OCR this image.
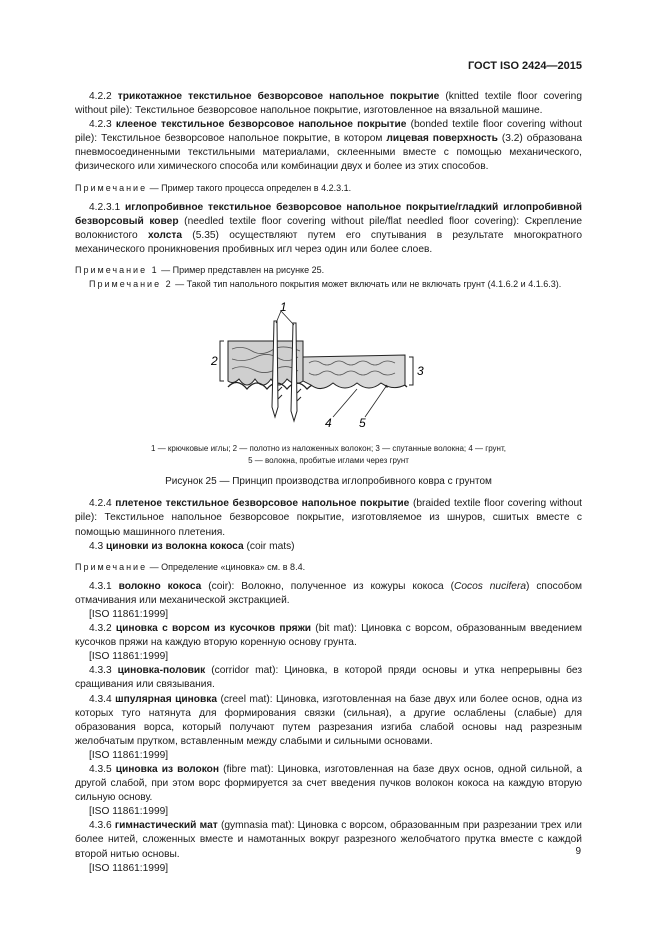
ГОСТ ISO 2424—2015

4.2.2 трикотажное текстильное безворсовое напольное покрытие (knitted textile floor covering without pile): Текстильное безворсовое напольное покрытие, изготовленное на вязальной машине.

4.2.3 клееное текстильное безворсовое напольное покрытие (bonded textile floor covering without pile): Текстильное безворсовое напольное покрытие, в котором лицевая поверхность (3.2) образована пневмосоединенными текстильными материалами, склеенными вместе с помощью механического, физического или химического способа или комбинации двух и более из этих способов.

Примечание — Пример такого процесса определен в 4.2.3.1.

4.2.3.1 иглопробивное текстильное безворсовое напольное покрытие/гладкий иглопробивной безворсовый ковер (needled textile floor covering without pile/flat needled floor covering): Скрепление волокнистого холста (5.35) осуществляют путем его спутывания в результате многократного механического проникновения пробивных игл через один или более слоев.

Примечание 1 — Пример представлен на рисунке 25.

Примечание 2 — Такой тип напольного покрытия может включать или не включать грунт (4.1.6.2 и 4.1.6.3).

1
2
3
4 5
1 — крючковые иглы; 2 — полотно из наложенных волокон; 3 — спутанные волокна; 4 — грунт,
5 — волокна, пробитые иглами через грунт
Рисунок 25 — Принцип производства иглопробивного ковра с грунтом

4.2.4 плетеное текстильное безворсовое напольное покрытие (braided textile floor covering without pile): Текстильное напольное безворсовое покрытие, изготовляемое из шнуров, сшитых вместе с помощью машинного плетения.

4.3 циновки из волокна кокоса (coir mats)

Примечание — Определение «циновка» см. в 8.4.

4.3.1 волокно кокоса (coir): Волокно, полученное из кожуры кокоса (Cocos nucifera) способом отмачивания или механической экстракцией.

[ISO 11861:1999]

4.3.2 циновка с ворсом из кусочков пряжи (bit mat): Циновка с ворсом, образованным введением кусочков пряжи на каждую вторую коренную основу грунта.

[ISO 11861:1999]

4.3.3 циновка-половик (corridor mat): Циновка, в которой пряди основы и утка непрерывны без сращивания или связывания.

4.3.4 шпулярная циновка (creel mat): Циновка, изготовленная на базе двух или более основ, одна из которых туго натянута для формирования связки (сильная), а другие ослаблены (слабые) для образования ворса, который получают путем разрезания изгиба слабой основы над разрезным желобчатым прутком, вставленным между слабыми и сильными основами.

[ISO 11861:1999]

4.3.5 циновка из волокон (fibre mat): Циновка, изготовленная на базе двух основ, одной сильной, а другой слабой, при этом ворс формируется за счет введения пучков волокон кокоса на каждую вторую сильную основу.

[ISO 11861:1999]

4.3.6 гимнастический мат (gymnasia mat): Циновка с ворсом, образованным при разрезании трех или более нитей, сложенных вместе и намотанных вокруг разрезного желобчатого прутка вместе с каждой второй нитью основы.

[ISO 11861:1999]

9
